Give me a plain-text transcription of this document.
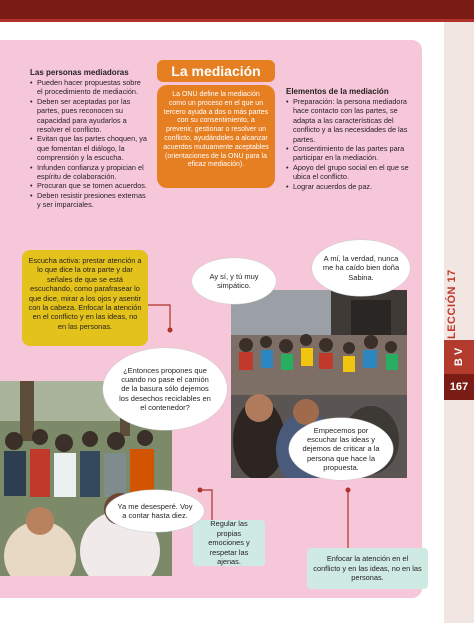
LECCIÓN 17
B V
167
Las personas mediadoras
• Pueden hacer propuestas sobre el procedimiento de mediación.
• Deben ser aceptadas por las partes, pues reconocen su capacidad para ayudarlos a resolver el conflicto.
• Evitan que las partes choquen, ya que fomentan el diálogo, la comprensión y la escucha.
• Infunden confianza y propician el espíritu de colaboración.
• Procuran que se tomen acuerdos.
• Deben resistir presiones externas y ser imparciales.
La mediación
La ONU define la mediación como un proceso en el que un tercero ayuda a dos o más partes con su consentimiento, a prevenir, gestionar o resolver un conflicto, ayudándoles a alcanzar acuerdos mutuamente aceptables (orientaciones de la ONU para la eficaz mediación).
Elementos de la mediación
• Preparación: la persona mediadora hace contacto con las partes, se adapta a las características del conflicto y a las necesidades de las partes.
• Consentimiento de las partes para participar en la mediación.
• Apoyo del grupo social en el que se ubica el conflicto.
• Lograr acuerdos de paz.
Escucha activa: prestar atención a lo que dice la otra parte y dar señales de que se está escuchando, como parafrasear lo que dice, mirar a los ojos y asentir con la cabeza. Enfocar la atención en el conflicto y en las ideas, no en las personas.
Regular las propias emociones y respetar las ajenas.	Enfocar la atención en el conflicto y en las ideas, no en las personas.
Ay sí, y tú muy simpático.
A mí, la verdad, nunca me ha caído bien doña Sabina.
¿Entonces propones que cuando no pase el camión de la basura sólo dejemos los desechos reciclables en el contenedor?
Ya me desesperé. Voy a contar hasta diez.
Empecemos por escuchar las ideas y dejemos de criticar a la persona que hace la propuesta.
